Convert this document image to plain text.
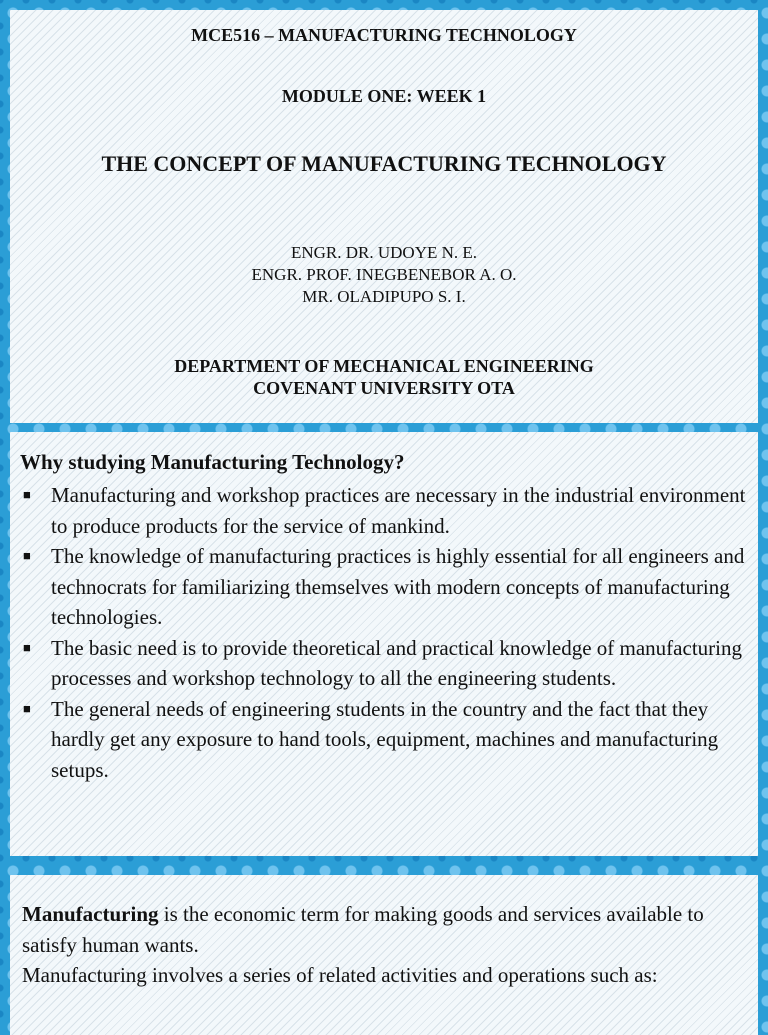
MCE516 – MANUFACTURING TECHNOLOGY
MODULE ONE: WEEK 1
THE CONCEPT OF MANUFACTURING TECHNOLOGY
ENGR. DR. UDOYE N. E.
ENGR. PROF. INEGBENEBOR A. O.
MR. OLADIPUPO S. I.
DEPARTMENT OF MECHANICAL ENGINEERING
COVENANT UNIVERSITY OTA
Why studying Manufacturing Technology?
■ Manufacturing and workshop practices are necessary in the industrial environment to produce products for the service of mankind.
■ The knowledge of manufacturing practices is highly essential for all engineers and technocrats for familiarizing themselves with modern concepts of manufacturing technologies.
■ The basic need is to provide theoretical and practical knowledge of manufacturing processes and workshop technology to all the engineering students.
■ The general needs of engineering students in the country and the fact that they hardly get any exposure to hand tools, equipment, machines and manufacturing setups.

Manufacturing is the economic term for making goods and services available to satisfy human wants.

Manufacturing involves a series of related activities and operations such as:
